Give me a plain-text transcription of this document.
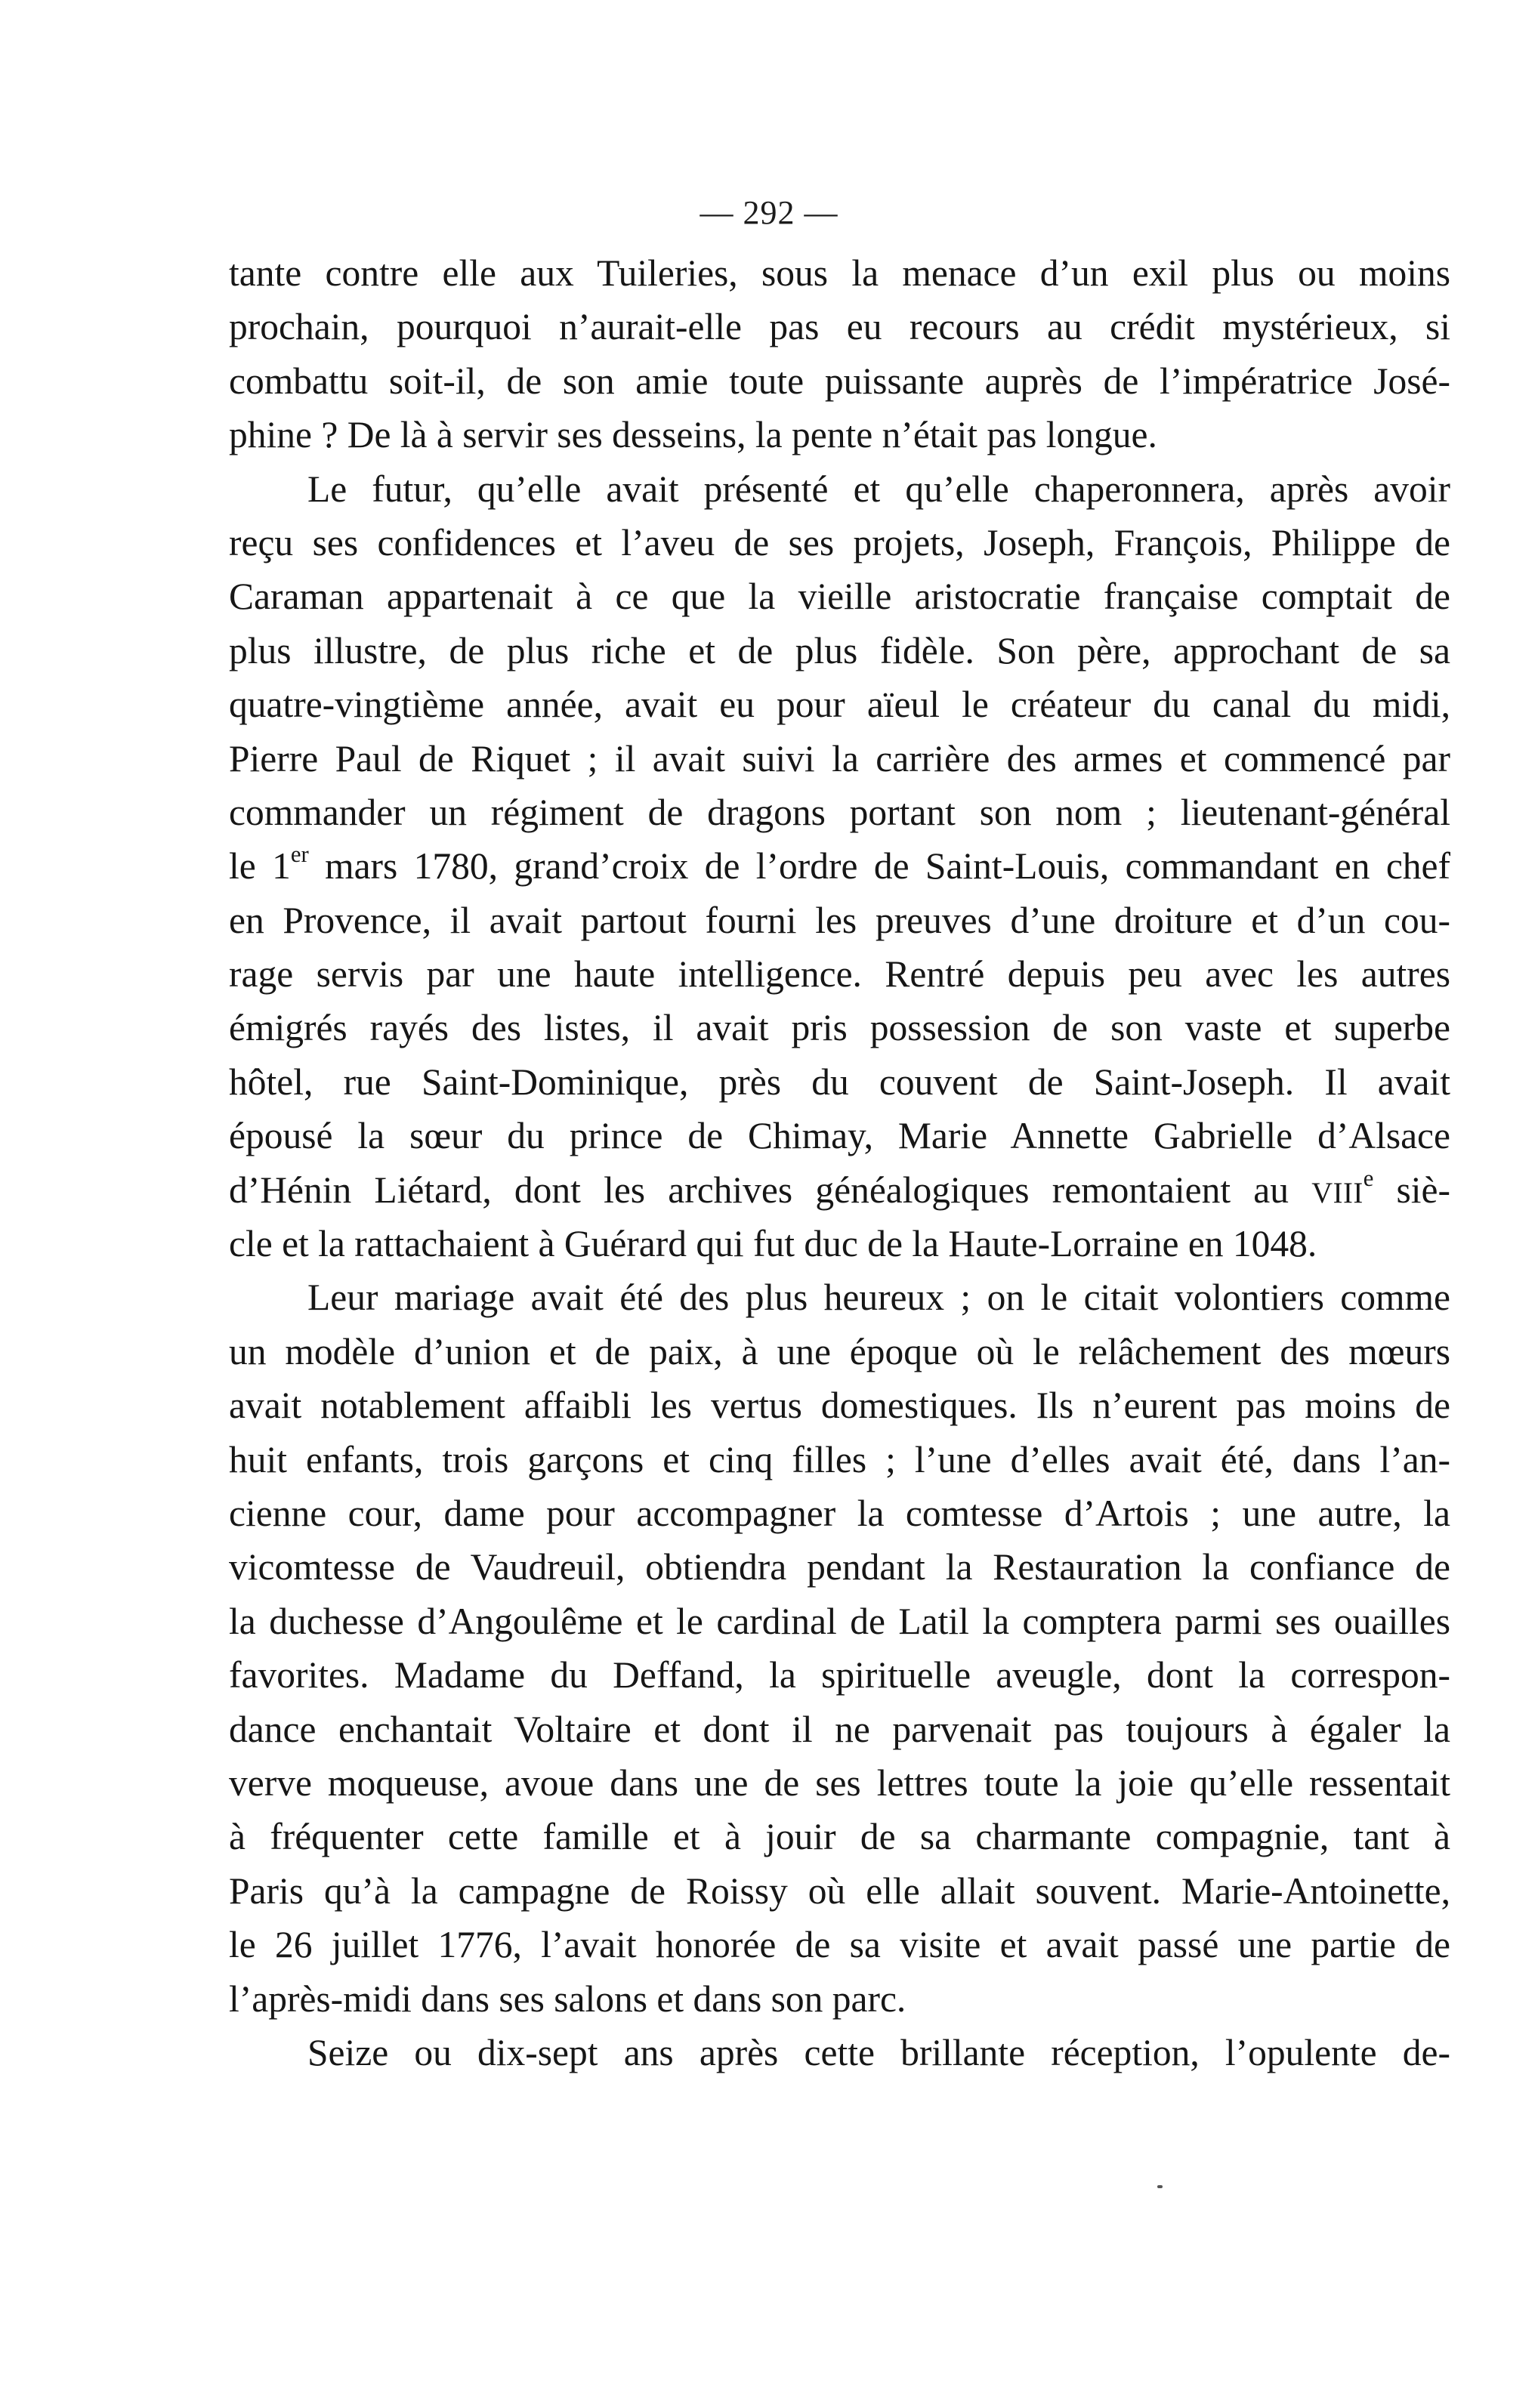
— 292 —
tante contre elle aux Tuileries, sous la menace d’un exil plus ou moins
prochain, pourquoi n’aurait-elle pas eu recours au crédit mystérieux, si
combattu soit-il, de son amie toute puissante auprès de l’impératrice José-
phine ? De là à servir ses desseins, la pente n’était pas longue.
Le futur, qu’elle avait présenté et qu’elle chaperonnera, après avoir
reçu ses confidences et l’aveu de ses projets, Joseph, François, Philippe de
Caraman appartenait à ce que la vieille aristocratie française comptait de
plus illustre, de plus riche et de plus fidèle. Son père, approchant de sa
quatre-vingtième année, avait eu pour aïeul le créateur du canal du midi,
Pierre Paul de Riquet ; il avait suivi la carrière des armes et commencé par
commander un régiment de dragons portant son nom ; lieutenant-général
le 1er mars 1780, grand’croix de l’ordre de Saint-Louis, commandant en chef
en Provence, il avait partout fourni les preuves d’une droiture et d’un cou-
rage servis par une haute intelligence. Rentré depuis peu avec les autres
émigrés rayés des listes, il avait pris possession de son vaste et superbe
hôtel, rue Saint-Dominique, près du couvent de Saint-Joseph. Il avait
épousé la sœur du prince de Chimay, Marie Annette Gabrielle d’Alsace
d’Hénin Liétard, dont les archives généalogiques remontaient au VIIIe siè-
cle et la rattachaient à Guérard qui fut duc de la Haute-Lorraine en 1048.
Leur mariage avait été des plus heureux ; on le citait volontiers comme
un modèle d’union et de paix, à une époque où le relâchement des mœurs
avait notablement affaibli les vertus domestiques. Ils n’eurent pas moins de
huit enfants, trois garçons et cinq filles ; l’une d’elles avait été, dans l’an-
cienne cour, dame pour accompagner la comtesse d’Artois ; une autre, la
vicomtesse de Vaudreuil, obtiendra pendant la Restauration la confiance de
la duchesse d’Angoulême et le cardinal de Latil la comptera parmi ses ouailles
favorites. Madame du Deffand, la spirituelle aveugle, dont la correspon-
dance enchantait Voltaire et dont il ne parvenait pas toujours à égaler la
verve moqueuse, avoue dans une de ses lettres toute la joie qu’elle ressentait
à fréquenter cette famille et à jouir de sa charmante compagnie, tant à
Paris qu’à la campagne de Roissy où elle allait souvent. Marie-Antoinette,
le 26 juillet 1776, l’avait honorée de sa visite et avait passé une partie de
l’après-midi dans ses salons et dans son parc.
Seize ou dix-sept ans après cette brillante réception, l’opulente de-
